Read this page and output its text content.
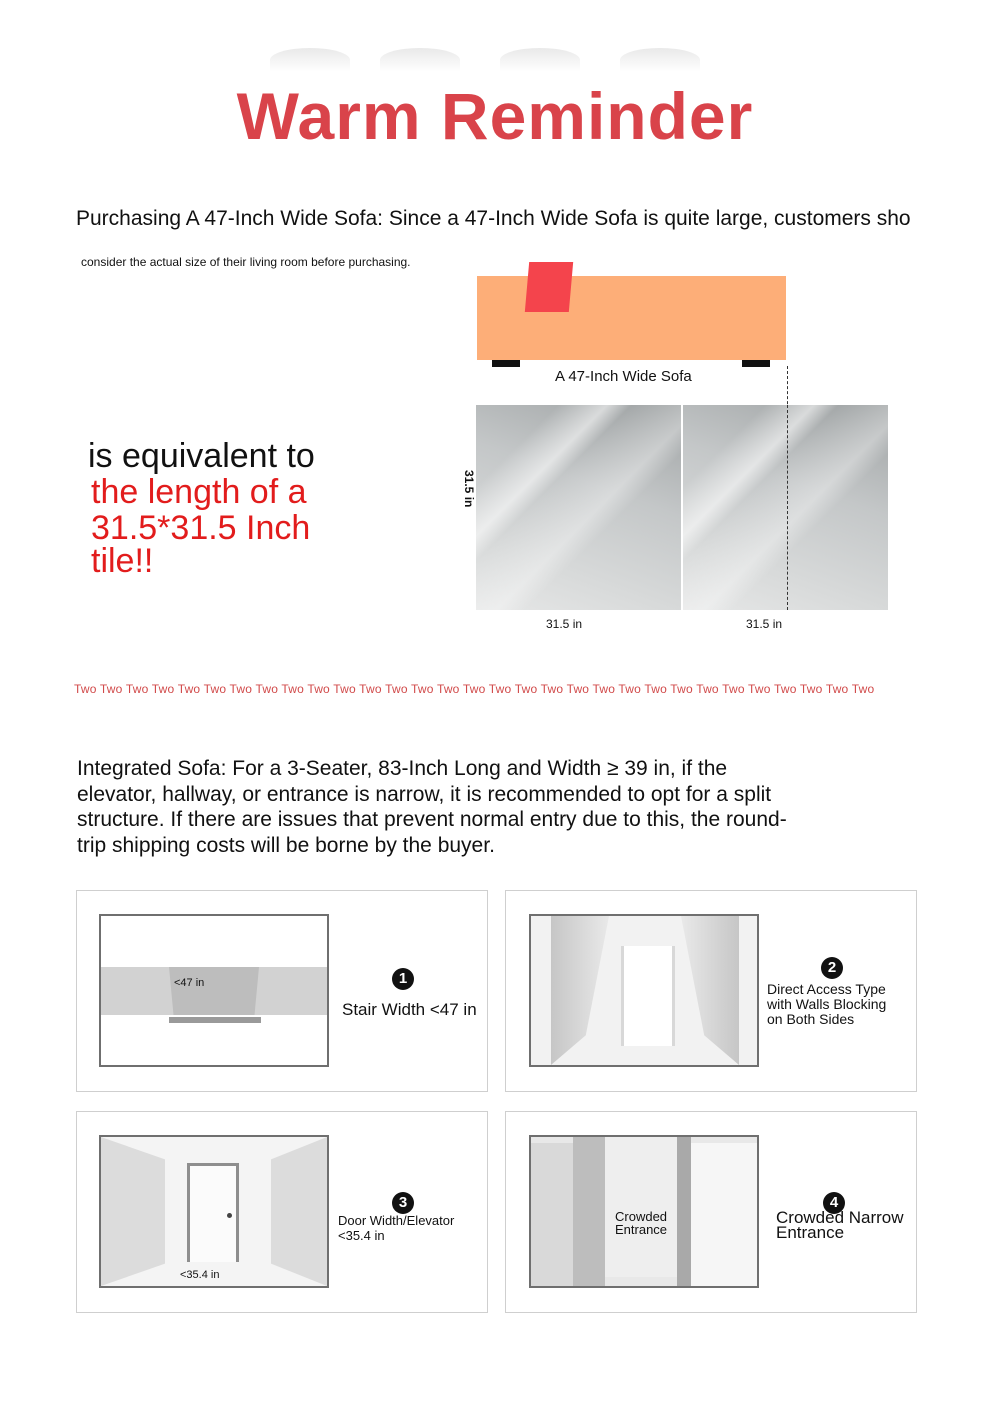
Warm Reminder
Purchasing A 47-Inch Wide Sofa: Since a 47-Inch Wide Sofa is quite large, customers sho
consider the actual size of their living room before purchasing.
A 47-Inch Wide Sofa
31.5 in
31.5 in	31.5 in
is equivalent to
the length of a
31.5*31.5 Inch
tile!!
Two Two Two Two Two Two Two Two Two Two Two Two Two Two Two Two Two Two Two Two Two Two Two Two Two Two Two Two Two Two Two
Integrated Sofa: For a 3-Seater, 83-Inch Long and Width ≥ 39 in, if the elevator, hallway, or entrance is narrow, it is recommended to opt for a split structure. If there are issues that prevent normal entry due to this, the round-trip shipping costs will be borne by the buyer.
<47 in	1
Stair Width <47 in
2
Direct Access Type with Walls Blocking on Both Sides
<35.4 in
3
Door Width/Elevator <35.4 in
Crowded Entrance
4
Crowded Narrow Entrance
